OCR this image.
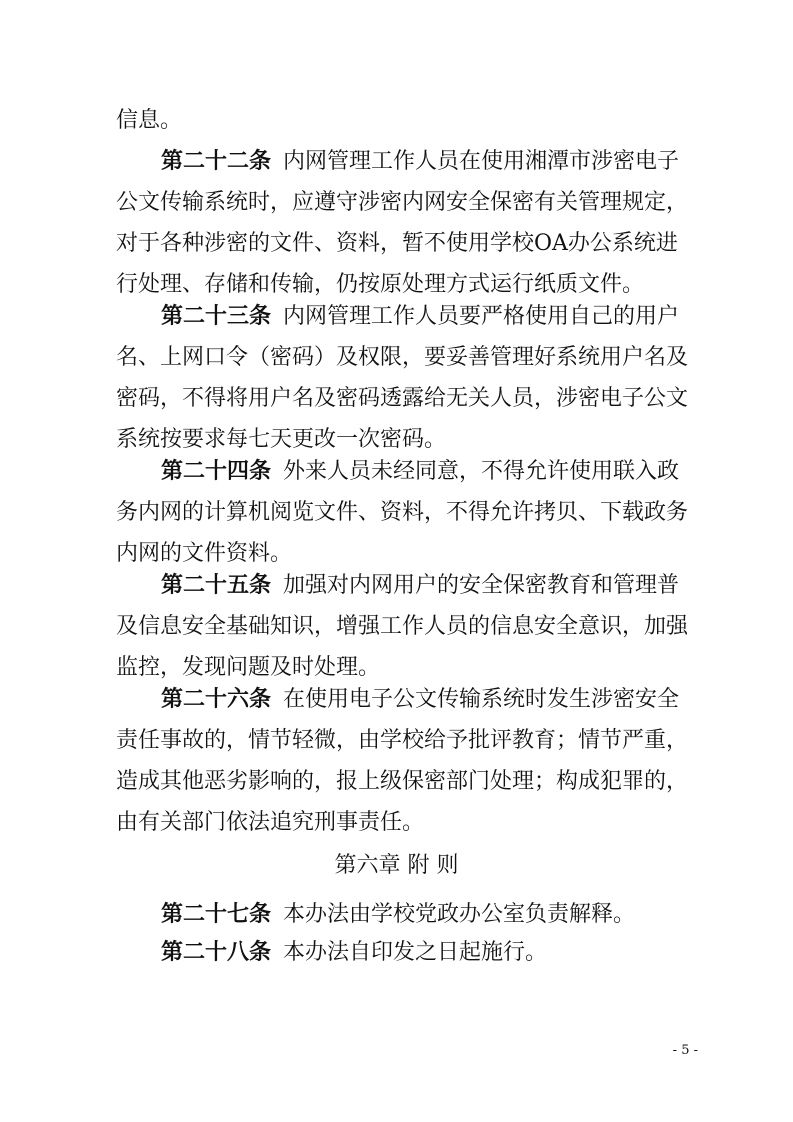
信息。
第二十二条 内网管理工作人员在使用湘潭市涉密电子
公文传输系统时，应遵守涉密内网安全保密有关管理规定，
对于各种涉密的文件、资料，暂不使用学校OA办公系统进
行处理、存储和传输，仍按原处理方式运行纸质文件。
第二十三条 内网管理工作人员要严格使用自己的用户
名、上网口令（密码）及权限，要妥善管理好系统用户名及
密码，不得将用户名及密码透露给无关人员，涉密电子公文
系统按要求每七天更改一次密码。
第二十四条 外来人员未经同意，不得允许使用联入政
务内网的计算机阅览文件、资料，不得允许拷贝、下载政务
内网的文件资料。
第二十五条 加强对内网用户的安全保密教育和管理普
及信息安全基础知识，增强工作人员的信息安全意识，加强
监控，发现问题及时处理。
第二十六条 在使用电子公文传输系统时发生涉密安全
责任事故的，情节轻微，由学校给予批评教育；情节严重，
造成其他恶劣影响的，报上级保密部门处理；构成犯罪的，
由有关部门依法追究刑事责任。
第六章 附 则
第二十七条 本办法由学校党政办公室负责解释。
第二十八条 本办法自印发之日起施行。
- 5 -
